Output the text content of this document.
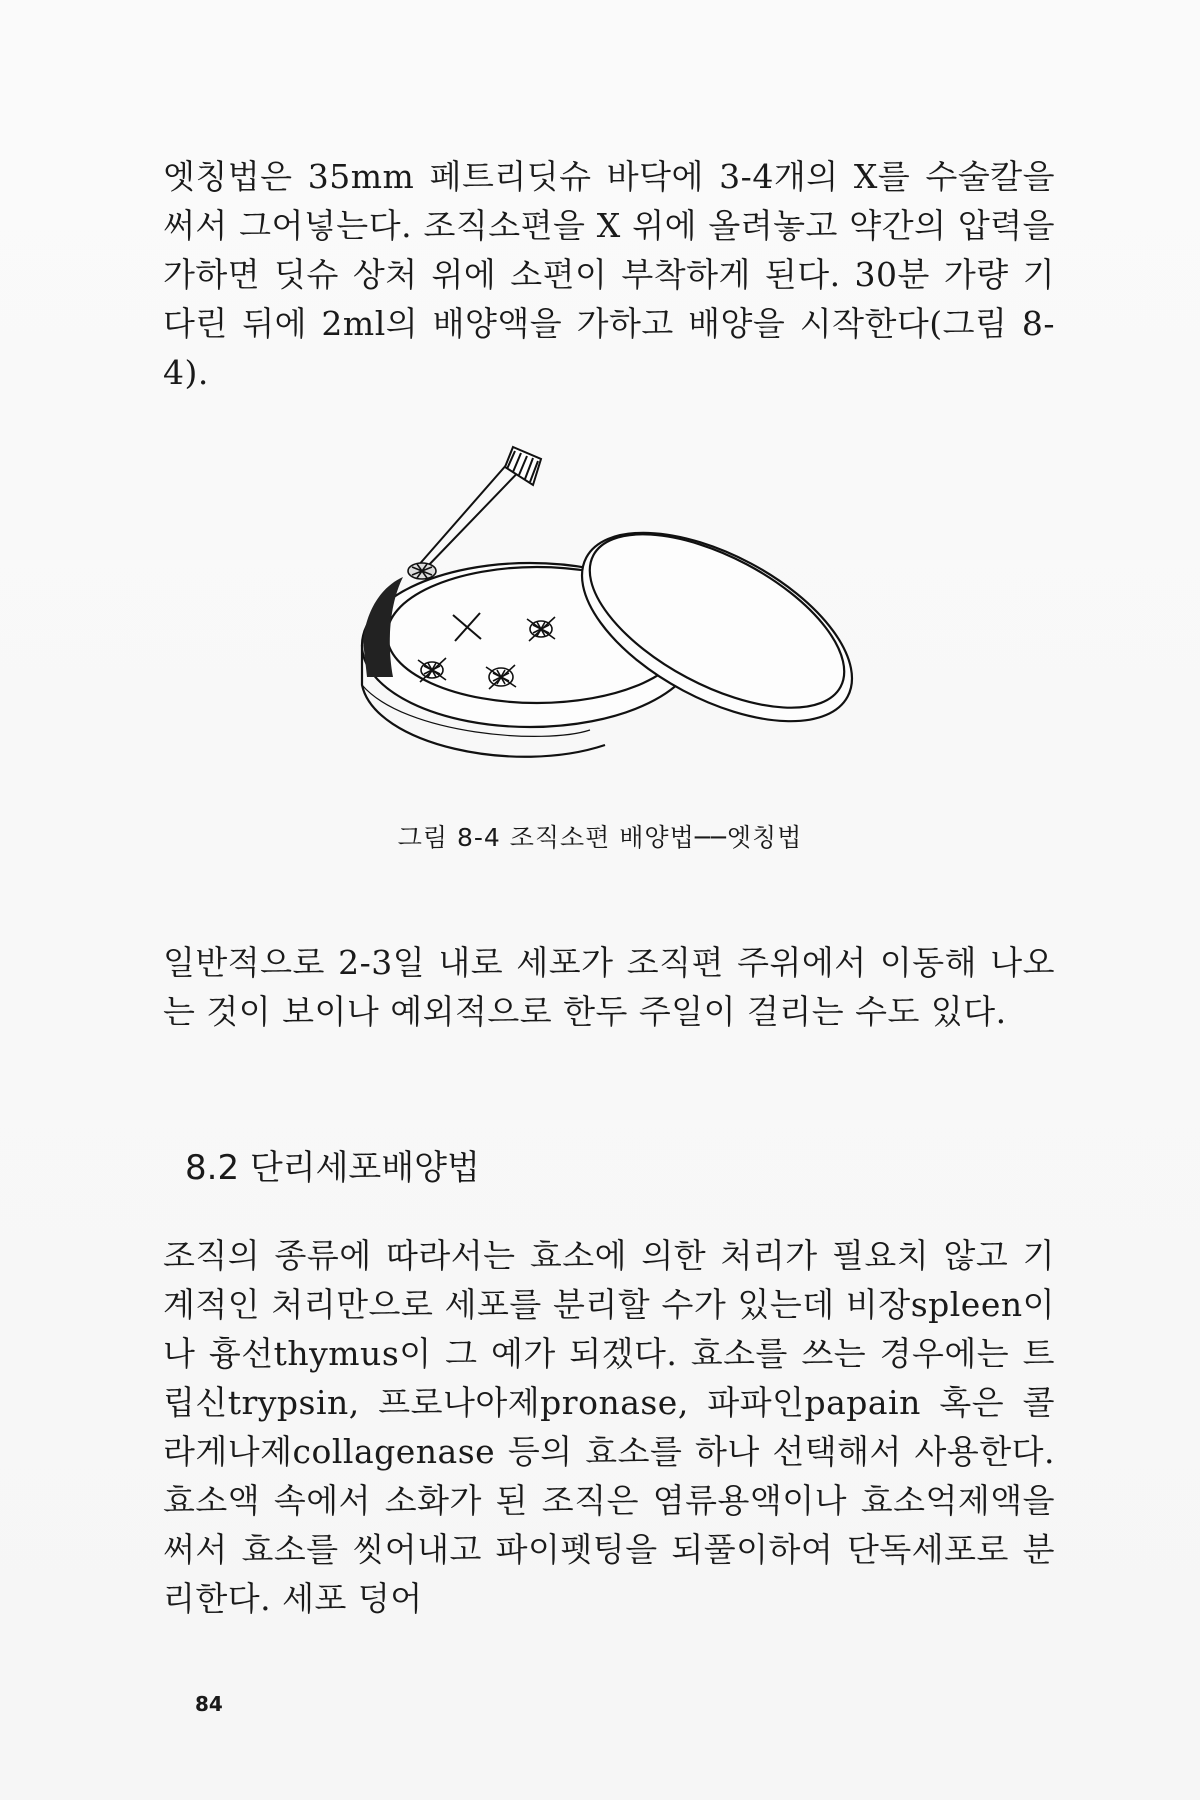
엣칭법은 35mm 페트리딧슈 바닥에 3-4개의 X를 수술칼을 써서 그어넣는다. 조직소편을 X 위에 올려놓고 약간의 압력을 가하면 딧슈 상처 위에 소편이 부착하게 된다. 30분 가량 기다린 뒤에 2ml의 배양액을 가하고 배양을 시작한다(그림 8-4).

그림 8-4 조직소편 배양법──엣칭법

일반적으로 2-3일 내로 세포가 조직편 주위에서 이동해 나오는 것이 보이나 예외적으로 한두 주일이 걸리는 수도 있다.

8.2 단리세포배양법

조직의 종류에 따라서는 효소에 의한 처리가 필요치 않고 기계적인 처리만으로 세포를 분리할 수가 있는데 비장spleen이나 흉선thymus이 그 예가 되겠다. 효소를 쓰는 경우에는 트립신trypsin, 프로나아제pronase, 파파인papain 혹은 콜라게나제collagenase 등의 효소를 하나 선택해서 사용한다. 효소액 속에서 소화가 된 조직은 염류용액이나 효소억제액을 써서 효소를 씻어내고 파이펫팅을 되풀이하여 단독세포로 분리한다. 세포 덩어

84
